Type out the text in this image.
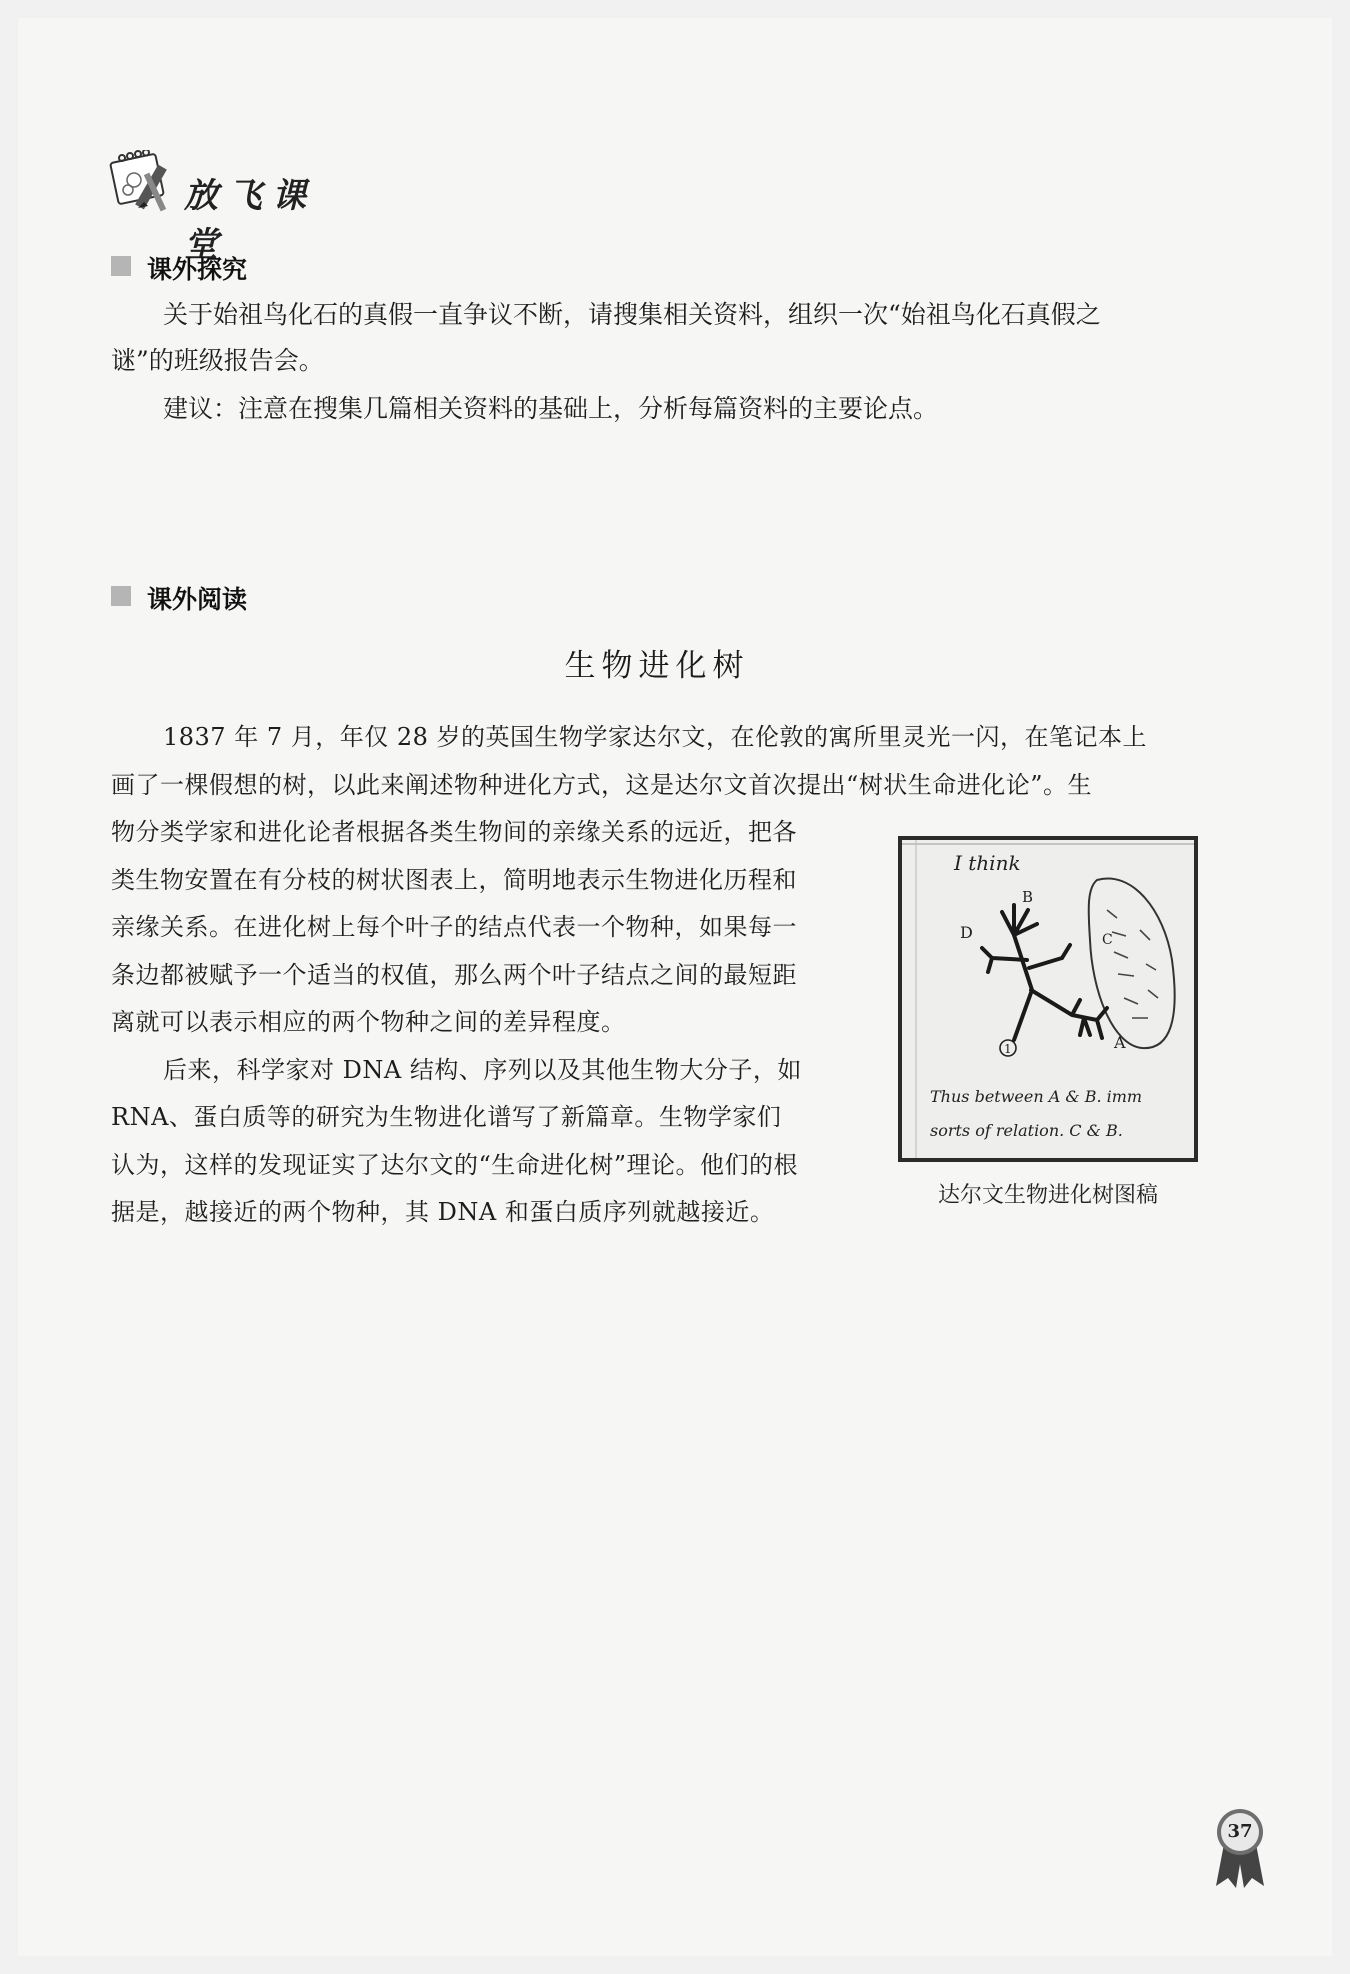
放飞课堂
课外探究
关于始祖鸟化石的真假一直争议不断，请搜集相关资料，组织一次“始祖鸟化石真假之
谜”的班级报告会。
建议：注意在搜集几篇相关资料的基础上，分析每篇资料的主要论点。
课外阅读
生物进化树
1837 年 7 月，年仅 28 岁的英国生物学家达尔文，在伦敦的寓所里灵光一闪，在笔记本上
画了一棵假想的树，以此来阐述物种进化方式，这是达尔文首次提出“树状生命进化论”。生
物分类学家和进化论者根据各类生物间的亲缘关系的远近，把各
类生物安置在有分枝的树状图表上，简明地表示生物进化历程和
亲缘关系。在进化树上每个叶子的结点代表一个物种，如果每一
条边都被赋予一个适当的权值，那么两个叶子结点之间的最短距
离就可以表示相应的两个物种之间的差异程度。
后来，科学家对 DNA 结构、序列以及其他生物大分子，如
RNA、蛋白质等的研究为生物进化谱写了新篇章。生物学家们
认为，这样的发现证实了达尔文的“生命进化树”理论。他们的根
据是，越接近的两个物种，其 DNA 和蛋白质序列就越接近。
I think
B
D
A
C
1
Thus between A & B. imm
sorts of relation. C & B.
达尔文生物进化树图稿
37
